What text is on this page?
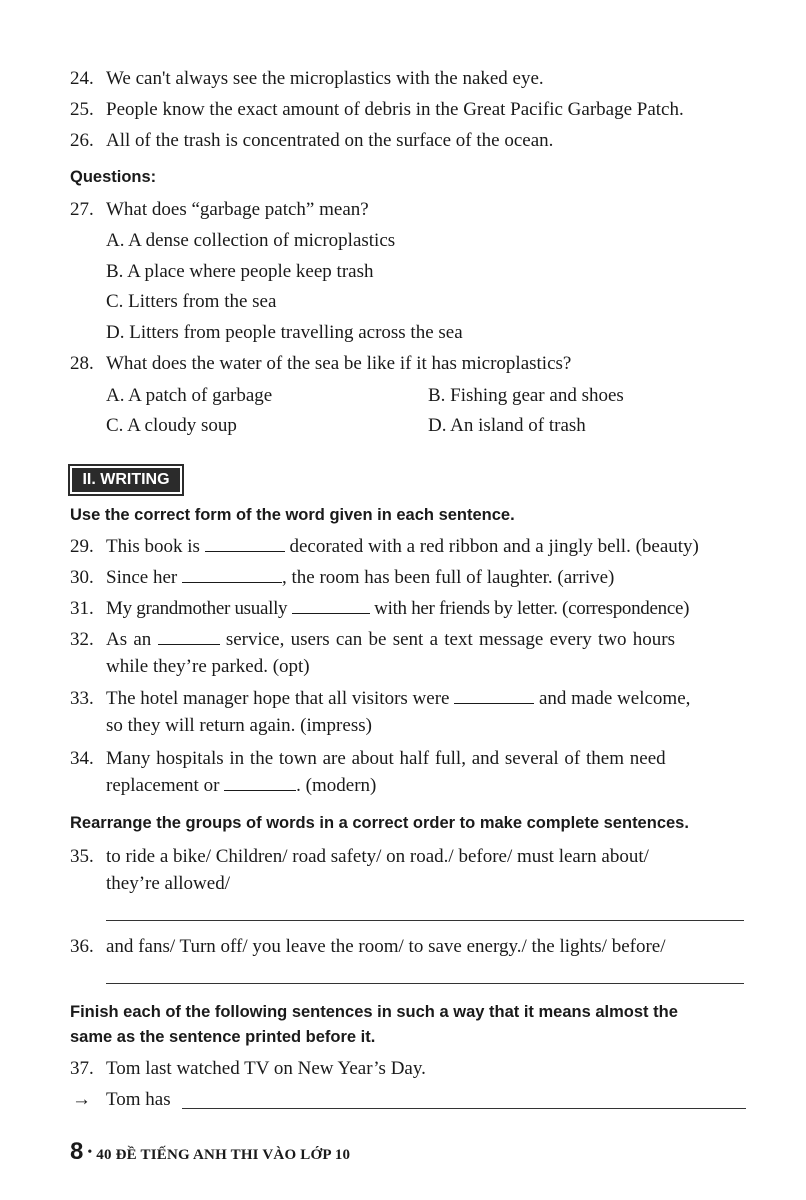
24. We can't always see the microplastics with the naked eye.
25. People know the exact amount of debris in the Great Pacific Garbage Patch.
26. All of the trash is concentrated on the surface of the ocean.
Questions:
27. What does “garbage patch” mean?
A. A dense collection of microplastics
B. A place where people keep trash
C. Litters from the sea
D. Litters from people travelling across the sea
28. What does the water of the sea be like if it has microplastics?
A. A patch of garbage	B. Fishing gear and shoes
C. A cloudy soup	D. An island of trash
II. WRITING
Use the correct form of the word given in each sentence.
29. This book is	decorated with a red ribbon and a jingly bell. (beauty)
30. Since her	, the room has been full of laughter. (arrive)
31. My grandmother usually	with her friends by letter. (correspondence)
32. As an	service, users can be sent a text message every two hours
while they’re parked. (opt)
33. The hotel manager hope that all visitors were	and made welcome,
so they will return again. (impress)
34. Many hospitals in the town are about half full, and several of them need
replacement or	. (modern)
Rearrange the groups of words in a correct order to make complete sentences.
35. to ride a bike/ Children/ road safety/ on road./ before/ must learn about/
they’re allowed/
36. and fans/ Turn off/ you leave the room/ to save energy./ the lights/ before/
Finish each of the following sentences in such a way that it means almost the
same as the sentence printed before it.
37. Tom last watched TV on New Year’s Day.
→ Tom has
8 • 40 ĐỀ TIẾNG ANH THI VÀO LỚP 10
